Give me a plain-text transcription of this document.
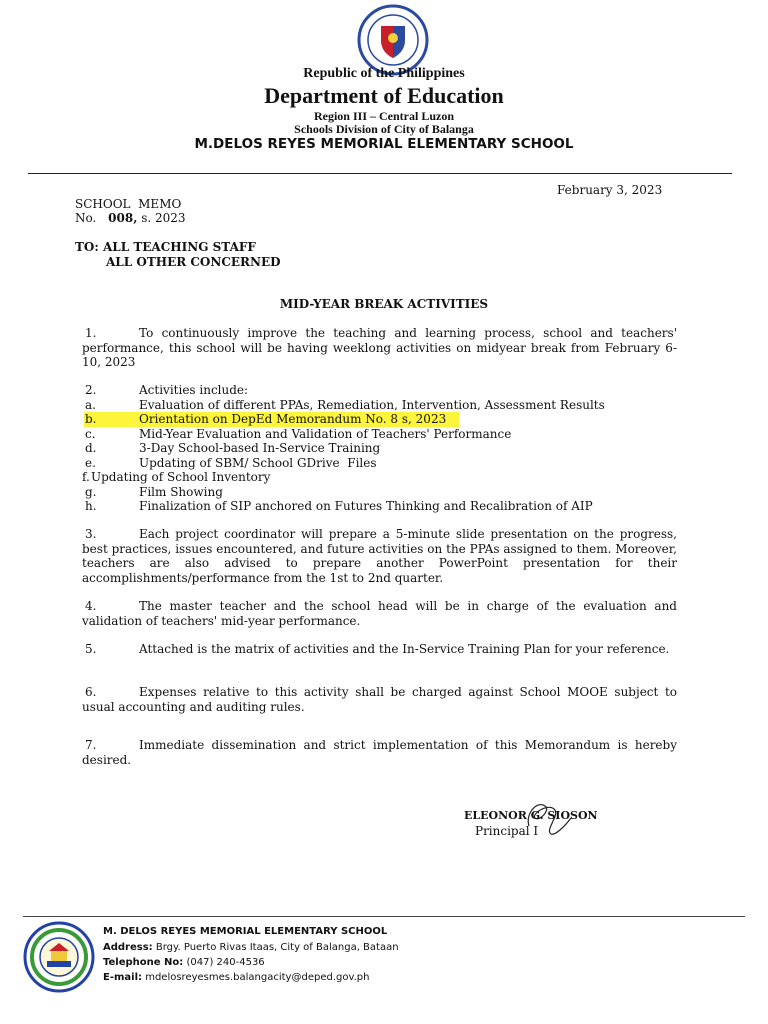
Republic of the Philippines
Department of Education
Region III – Central Luzon
Schools Division of City of Balanga
M.DELOS REYES MEMORIAL ELEMENTARY SCHOOL
February 3, 2023
SCHOOL  MEMO
No. 008, s. 2023
TO: ALL TEACHING STAFF
ALL OTHER CONCERNED
MID-YEAR BREAK ACTIVITIES
1.	To continuously improve the teaching and learning process, school and teachers' performance, this school will be having weeklong activities on midyear break from February 6-10, 2023
2.	Activities include:
a.	Evaluation of different PPAs, Remediation, Intervention, Assessment Results
b.	Orientation on DepEd Memorandum No. 8 s, 2023
c.	Mid-Year Evaluation and Validation of Teachers' Performance
d.	3-Day School-based In-Service Training
e.	Updating of SBM/ School GDrive  Files
f. Updating of School Inventory
g.	Film Showing
h.	Finalization of SIP anchored on Futures Thinking and Recalibration of AIP
3.	Each project coordinator will prepare a 5-minute slide presentation on the progress, best practices, issues encountered, and future activities on the PPAs assigned to them. Moreover, teachers are also advised to prepare another PowerPoint presentation for their accomplishments/performance from the 1st to 2nd quarter.
4.	The master teacher and the school head will be in charge of the evaluation and validation of teachers' mid-year performance.
5.	Attached is the matrix of activities and the In-Service Training Plan for your reference.
6.	Expenses relative to this activity shall be charged against School MOOE subject to usual accounting and auditing rules.
7.	Immediate dissemination and strict implementation of this Memorandum is hereby desired.
ELEONOR G. SIOSON
Principal I
M. DELOS REYES MEMORIAL ELEMENTARY SCHOOL
Address: Brgy. Puerto Rivas Itaas, City of Balanga, Bataan
Telephone No: (047) 240-4536
E-mail: mdelosreyesmes.balangacity@deped.gov.ph
